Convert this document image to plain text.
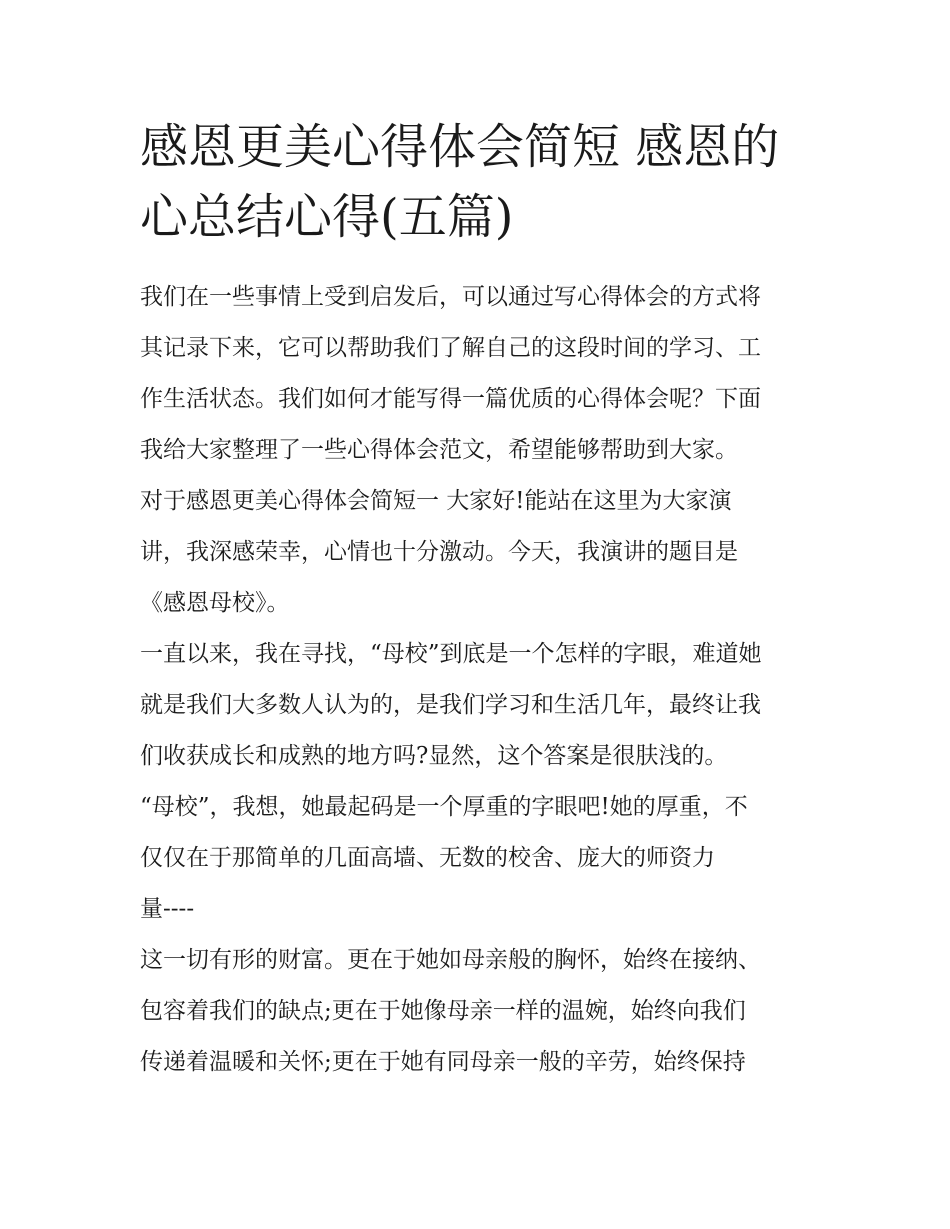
感恩更美心得体会简短 感恩的
心总结心得(五篇)
我们在一些事情上受到启发后，可以通过写心得体会的方式将
其记录下来，它可以帮助我们了解自己的这段时间的学习、工
作生活状态。我们如何才能写得一篇优质的心得体会呢？下面
我给大家整理了一些心得体会范文，希望能够帮助到大家。
对于感恩更美心得体会简短一 大家好!能站在这里为大家演
讲，我深感荣幸，心情也十分激动。今天，我演讲的题目是
《感恩母校》。
一直以来，我在寻找，“母校”到底是一个怎样的字眼，难道她
就是我们大多数人认为的，是我们学习和生活几年，最终让我
们收获成长和成熟的地方吗?显然，这个答案是很肤浅的。
“母校”，我想，她最起码是一个厚重的字眼吧!她的厚重，不
仅仅在于那简单的几面高墙、无数的校舍、庞大的师资力
量----
这一切有形的财富。更在于她如母亲般的胸怀，始终在接纳、
包容着我们的缺点;更在于她像母亲一样的温婉，始终向我们
传递着温暖和关怀;更在于她有同母亲一般的辛劳，始终保持
